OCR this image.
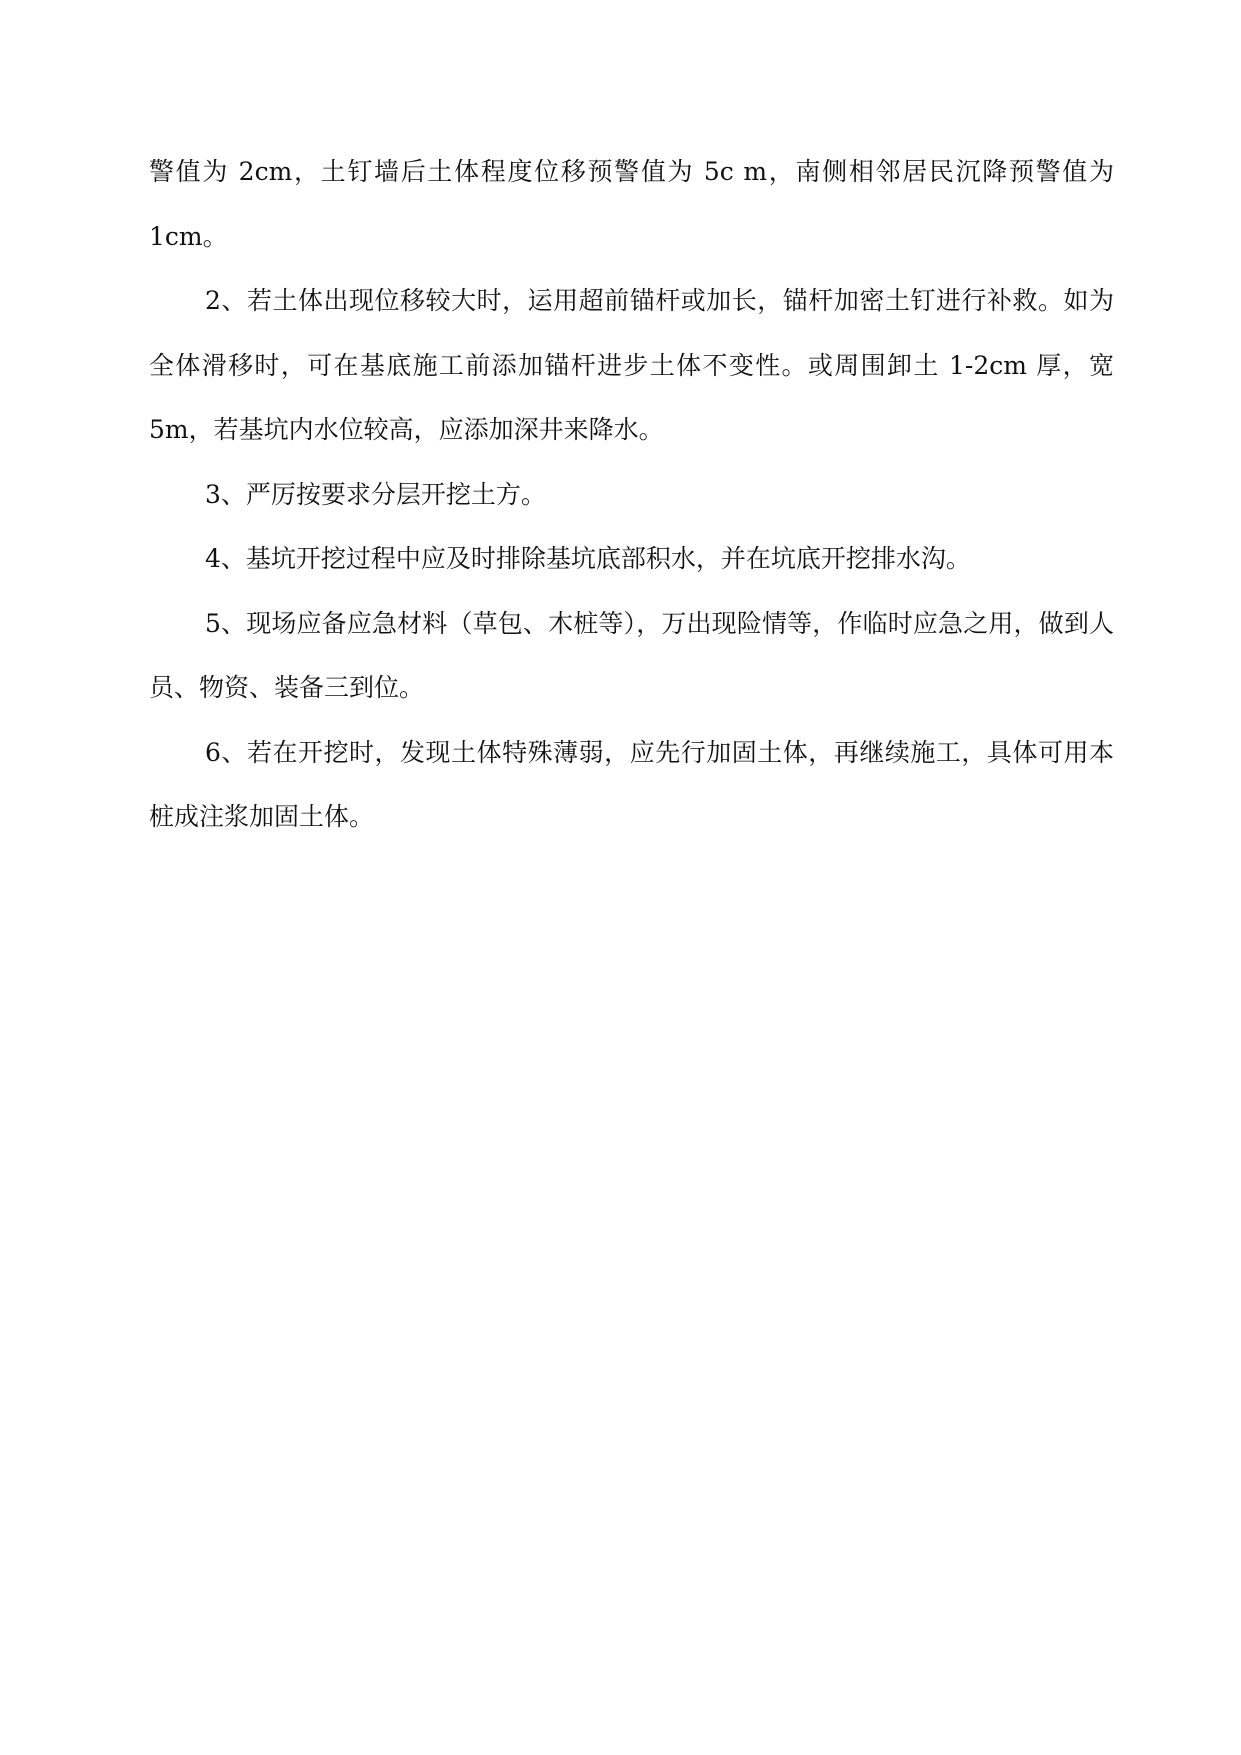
警值为 2cm，土钉墙后土体程度位移预警值为 5c m，南侧相邻居民沉降预警值为 1cm。

2、若土体出现位移较大时，运用超前锚杆或加长，锚杆加密土钉进行补救。如为全体滑移时，可在基底施工前添加锚杆进步土体不变性。或周围卸土 1-2cm 厚，宽 5m，若基坑内水位较高，应添加深井来降水。

3、严厉按要求分层开挖土方。

4、基坑开挖过程中应及时排除基坑底部积水，并在坑底开挖排水沟。

5、现场应备应急材料（草包、木桩等），万出现险情等，作临时应急之用，做到人员、物资、装备三到位。

6、若在开挖时，发现土体特殊薄弱，应先行加固土体，再继续施工，具体可用本桩成注浆加固土体。
